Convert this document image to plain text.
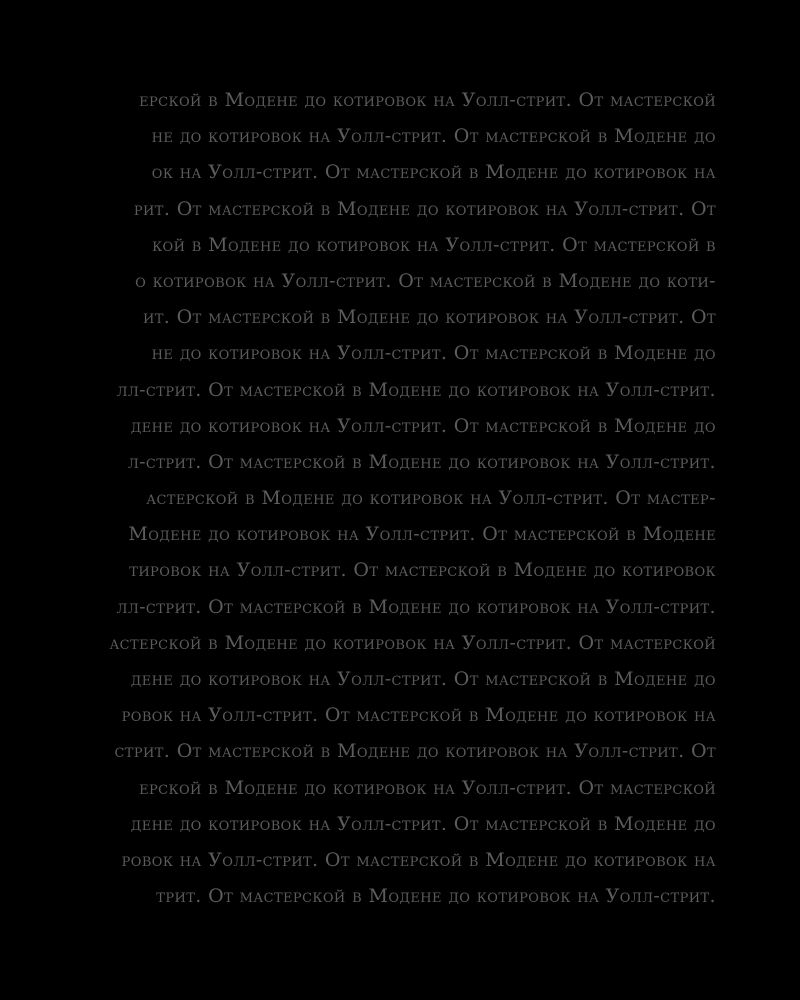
ерской в Модене до котировок на Уолл-стрит. От мастерской
не до котировок на Уолл-стрит. От мастерской в Модене до
ок на Уолл-стрит. От мастерской в Модене до котировок на
рит. От мастерской в Модене до котировок на Уолл-стрит. От
кой в Модене до котировок на Уолл-стрит. От мастерской в
о котировок на Уолл-стрит. От мастерской в Модене до коти-
ит. От мастерской в Модене до котировок на Уолл-стрит. От
не до котировок на Уолл-стрит. От мастерской в Модене до
лл-стрит. От мастерской в Модене до котировок на Уолл-стрит.
дене до котировок на Уолл-стрит. От мастерской в Модене до
л-стрит. От мастерской в Модене до котировок на Уолл-стрит.
астерской в Модене до котировок на Уолл-стрит. От мастер-
Модене до котировок на Уолл-стрит. От мастерской в Модене
тировок на Уолл-стрит. От мастерской в Модене до котировок
лл-стрит. От мастерской в Модене до котировок на Уолл-стрит.
астерской в Модене до котировок на Уолл-стрит. От мастерской
дене до котировок на Уолл-стрит. От мастерской в Модене до
ровок на Уолл-стрит. От мастерской в Модене до котировок на
стрит. От мастерской в Модене до котировок на Уолл-стрит. От
ерской в Модене до котировок на Уолл-стрит. От мастерской
дене до котировок на Уолл-стрит. От мастерской в Модене до
ровок на Уолл-стрит. От мастерской в Модене до котировок на
трит. От мастерской в Модене до котировок на Уолл-стрит.
